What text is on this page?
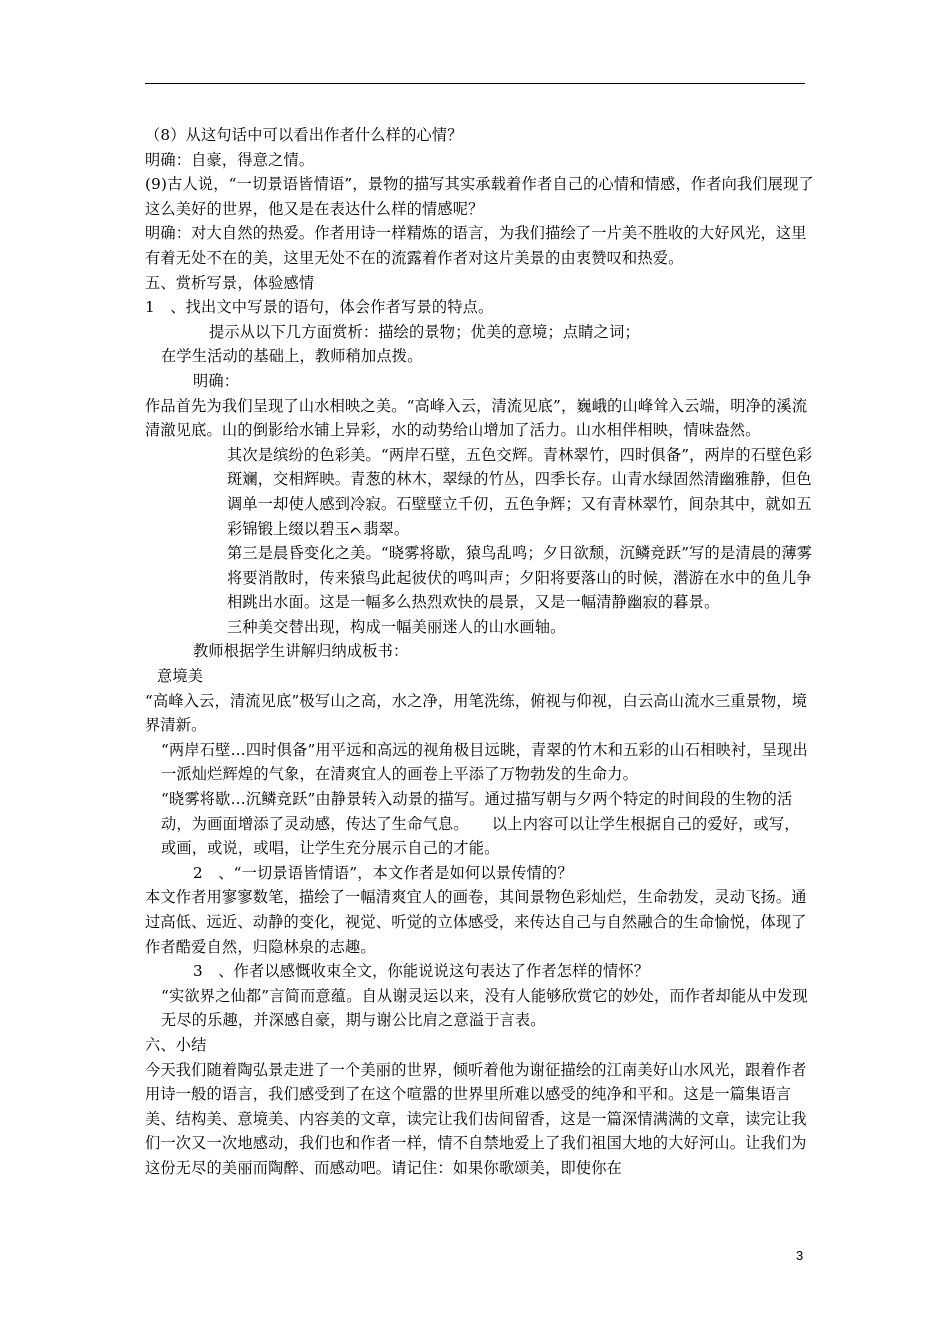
（8）从这句话中可以看出作者什么样的心情？

明确：自豪，得意之情。

(9)古人说，“一切景语皆情语”，景物的描写其实承载着作者自己的心情和情感，作者向我们展现了这么美好的世界，他又是在表达什么样的情感呢？

明确：对大自然的热爱。作者用诗一样精炼的语言，为我们描绘了一片美不胜收的大好风光，这里有着无处不在的美，这里无处不在的流露着作者对这片美景的由衷赞叹和热爱。

五、赏析写景，体验感情

1　、找出文中写景的语句，体会作者写景的特点。

提示从以下几方面赏析：描绘的景物；优美的意境；点睛之词；

在学生活动的基础上，教师稍加点拨。

明确：

作品首先为我们呈现了山水相映之美。“高峰入云，清流见底”，巍峨的山峰耸入云端，明净的溪流清澈见底。山的倒影给水铺上异彩，水的动势给山增加了活力。山水相伴相映，情味盎然。

其次是缤纷的色彩美。“两岸石壁，五色交辉。青林翠竹，四时俱备”，两岸的石壁色彩斑斓，交相辉映。青葱的林木，翠绿的竹丛，四季长存。山青水绿固然清幽雅静，但色调单一却使人感到冷寂。石壁壁立千仞，五色争辉；又有青林翠竹，间杂其中，就如五彩锦锻上缀以碧玉ᨈ翡翠。

第三是晨昏变化之美。“晓雾将歇，猿鸟乱鸣；夕日欲颓，沉鳞竞跃”写的是清晨的薄雾将要消散时，传来猿鸟此起彼伏的鸣叫声；夕阳将要落山的时候，潜游在水中的鱼儿争相跳出水面。这是一幅多么热烈欢快的晨景，又是一幅清静幽寂的暮景。

三种美交替出现，构成一幅美丽迷人的山水画轴。

教师根据学生讲解归纳成板书：

意境美

“高峰入云，清流见底”极写山之高，水之净，用笔洗练，俯视与仰视，白云高山流水三重景物，境界清新。

“两岸石壁…四时俱备”用平远和高远的视角极目远眺，青翠的竹木和五彩的山石相映衬，呈现出一派灿烂辉煌的气象，在清爽宜人的画卷上平添了万物勃发的生命力。

“晓雾将歇…沉鳞竞跃”由静景转入动景的描写。通过描写朝与夕两个特定的时间段的生物的活动，为画面增添了灵动感，传达了生命气息。　　以上内容可以让学生根据自己的爱好，或写，或画，或说，或唱，让学生充分展示自己的才能。

2　、“一切景语皆情语”，本文作者是如何以景传情的？

本文作者用寥寥数笔，描绘了一幅清爽宜人的画卷，其间景物色彩灿烂，生命勃发，灵动飞扬。通过高低、远近、动静的变化，视觉、听觉的立体感受，来传达自己与自然融合的生命愉悦，体现了作者酷爱自然，归隐林泉的志趣。

3　、作者以感慨收束全文，你能说说这句表达了作者怎样的情怀？

“实欲界之仙都”言简而意蕴。自从谢灵运以来，没有人能够欣赏它的妙处，而作者却能从中发现无尽的乐趣，并深感自豪，期与谢公比肩之意溢于言表。

六、小结

今天我们随着陶弘景走进了一个美丽的世界，倾听着他为谢征描绘的江南美好山水风光，跟着作者用诗一般的语言，我们感受到了在这个喧嚣的世界里所难以感受的纯净和平和。这是一篇集语言美、结构美、意境美、内容美的文章，读完让我们齿间留香，这是一篇深情满满的文章，读完让我们一次又一次地感动，我们也和作者一样，情不自禁地爱上了我们祖国大地的大好河山。让我们为这份无尽的美丽而陶醉、而感动吧。请记住：如果你歌颂美，即使你在

3
